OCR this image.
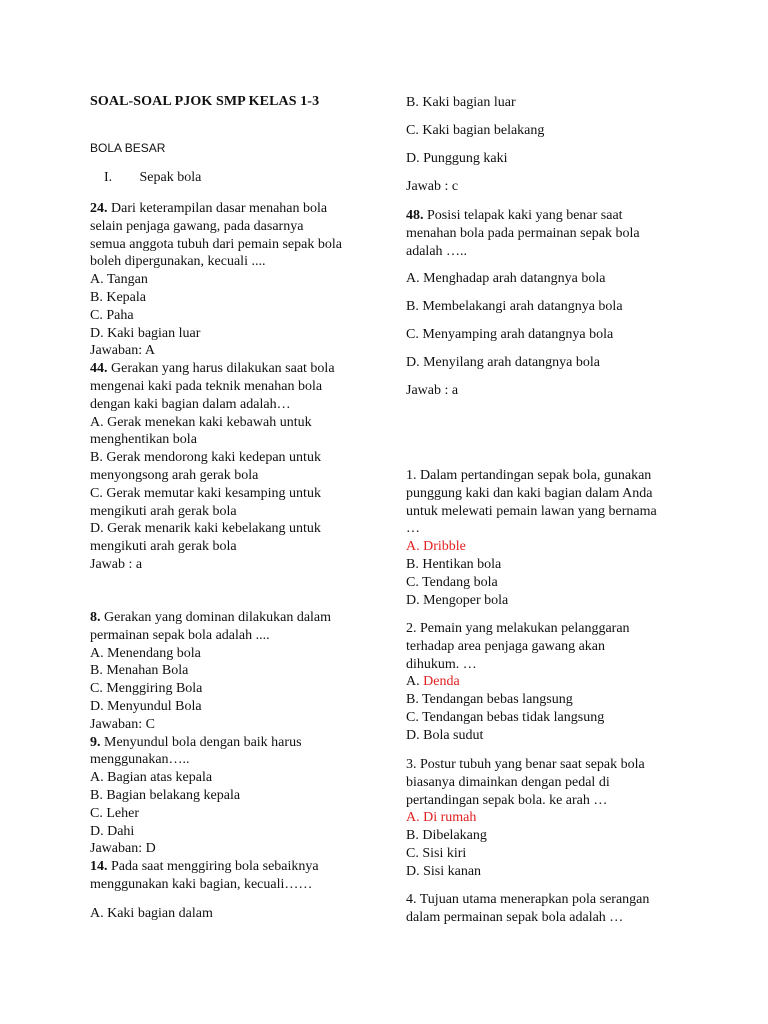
SOAL-SOAL PJOK SMP KELAS 1-3
BOLA BESAR
I. Sepak bola
24. Dari keterampilan dasar menahan bola
selain penjaga gawang, pada dasarnya
semua anggota tubuh dari pemain sepak bola
boleh dipergunakan, kecuali ....
A. Tangan
B. Kepala
C. Paha
D. Kaki bagian luar
Jawaban: A
44. Gerakan yang harus dilakukan saat bola
mengenai kaki pada teknik menahan bola
dengan kaki bagian dalam adalah…
A. Gerak menekan kaki kebawah untuk
menghentikan bola
B. Gerak mendorong kaki kedepan untuk
menyongsong arah gerak bola
C. Gerak memutar kaki kesamping untuk
mengikuti arah gerak bola
D. Gerak menarik kaki kebelakang untuk
mengikuti arah gerak bola
Jawab : a
8. Gerakan yang dominan dilakukan dalam
permainan sepak bola adalah ....
A. Menendang bola
B. Menahan Bola
C. Menggiring Bola
D. Menyundul Bola
Jawaban: C
9. Menyundul bola dengan baik harus
menggunakan…..
A. Bagian atas kepala
B. Bagian belakang kepala
C. Leher
D. Dahi
Jawaban: D
14. Pada saat menggiring bola sebaiknya
menggunakan kaki bagian, kecuali……
A. Kaki bagian dalam
B. Kaki bagian luar
C. Kaki bagian belakang
D. Punggung kaki
Jawab : c
48. Posisi telapak kaki yang benar saat
menahan bola pada permainan sepak bola
adalah …..
A. Menghadap arah datangnya bola
B. Membelakangi arah datangnya bola
C. Menyamping arah datangnya bola
D. Menyilang arah datangnya bola
Jawab : a
1. Dalam pertandingan sepak bola, gunakan
punggung kaki dan kaki bagian dalam Anda
untuk melewati pemain lawan yang bernama
…
A. Dribble
B. Hentikan bola
C. Tendang bola
D. Mengoper bola
2. Pemain yang melakukan pelanggaran
terhadap area penjaga gawang akan
dihukum. …
A. Denda
B. Tendangan bebas langsung
C. Tendangan bebas tidak langsung
D. Bola sudut
3. Postur tubuh yang benar saat sepak bola
biasanya dimainkan dengan pedal di
pertandingan sepak bola. ke arah …
A. Di rumah
B. Dibelakang
C. Sisi kiri
D. Sisi kanan
4. Tujuan utama menerapkan pola serangan
dalam permainan sepak bola adalah …
